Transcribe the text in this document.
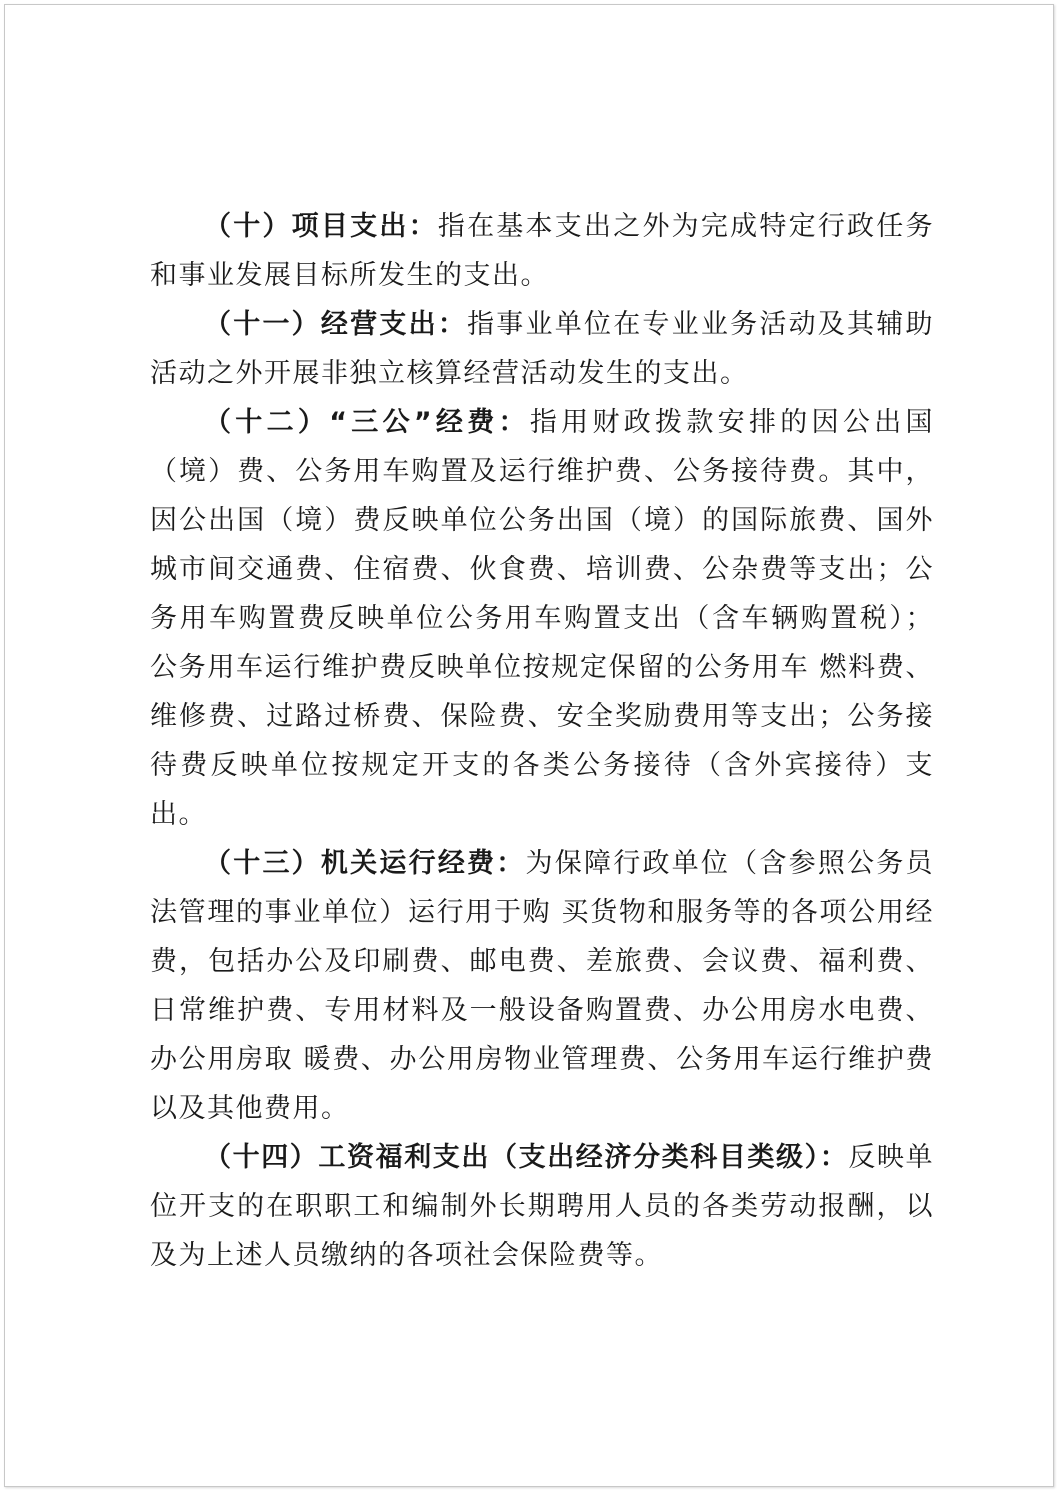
（十）项目支出：指在基本支出之外为完成特定行政任务和事业发展目标所发生的支出。

（十一）经营支出：指事业单位在专业业务活动及其辅助活动之外开展非独立核算经营活动发生的支出。

（十二）“三公”经费：指用财政拨款安排的因公出国（境）费、公务用车购置及运行维护费、公务接待费。其中，因公出国（境）费反映单位公务出国（境）的国际旅费、国外城市间交通费、住宿费、伙食费、培训费、公杂费等支出；公务用车购置费反映单位公务用车购置支出（含车辆购置税）；公务用车运行维护费反映单位按规定保留的公务用车 燃料费、维修费、过路过桥费、保险费、安全奖励费用等支出；公务接待费反映单位按规定开支的各类公务接待（含外宾接待）支出。

（十三）机关运行经费：为保障行政单位（含参照公务员法管理的事业单位）运行用于购 买货物和服务等的各项公用经费，包括办公及印刷费、邮电费、差旅费、会议费、福利费、日常维护费、专用材料及一般设备购置费、办公用房水电费、办公用房取 暖费、办公用房物业管理费、公务用车运行维护费以及其他费用。

（十四）工资福利支出（支出经济分类科目类级）：反映单位开支的在职职工和编制外长期聘用人员的各类劳动报酬，以及为上述人员缴纳的各项社会保险费等。
